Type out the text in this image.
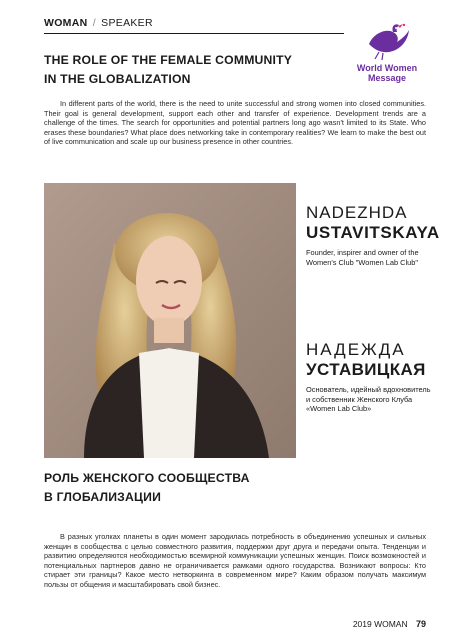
WOMAN / SPEAKER
THE ROLE OF THE FEMALE COMMUNITY
IN THE GLOBALIZATION
World Women
Message

In different parts of the world, there is the need to unite successful and strong women into closed communities. Their goal is general development, support each other and transfer of experience. Development trends are a challenge of the times. The search for opportunities and potential partners long ago wasn't limited to its State. Who erases these boundaries? What place does networking take in contemporary realities? We learn to make the best out of live communication and scale up our business presence in other countries.

NADEZHDA
USTAVITSKAYA
Founder, inspirer and owner of the Women's Club "Women Lab Club"
НАДЕЖДА
УСТАВИЦКАЯ
Основатель, идейный вдохновитель и собственник Женского Клуба «Women Lab Club»
РОЛЬ ЖЕНСКОГО СООБЩЕСТВА
В ГЛОБАЛИЗАЦИИ

В разных уголках планеты в один момент зародилась потребность в объединению успешных и сильных женщин в сообщества с целью совместного развития, поддержки друг друга и передачи опыта. Тенденции и развитию определяются необходимостью всемирной коммуникации успешных женщин. Поиск возможностей и потенциальных партнеров давно не ограничивается рамками одного государства. Возникают вопросы: Кто стирает эти границы? Какое место нетворкинга в современном мире? Каким образом получать максимум пользы от общения и масштабировать свой бизнес.

2019 WOMAN 79
